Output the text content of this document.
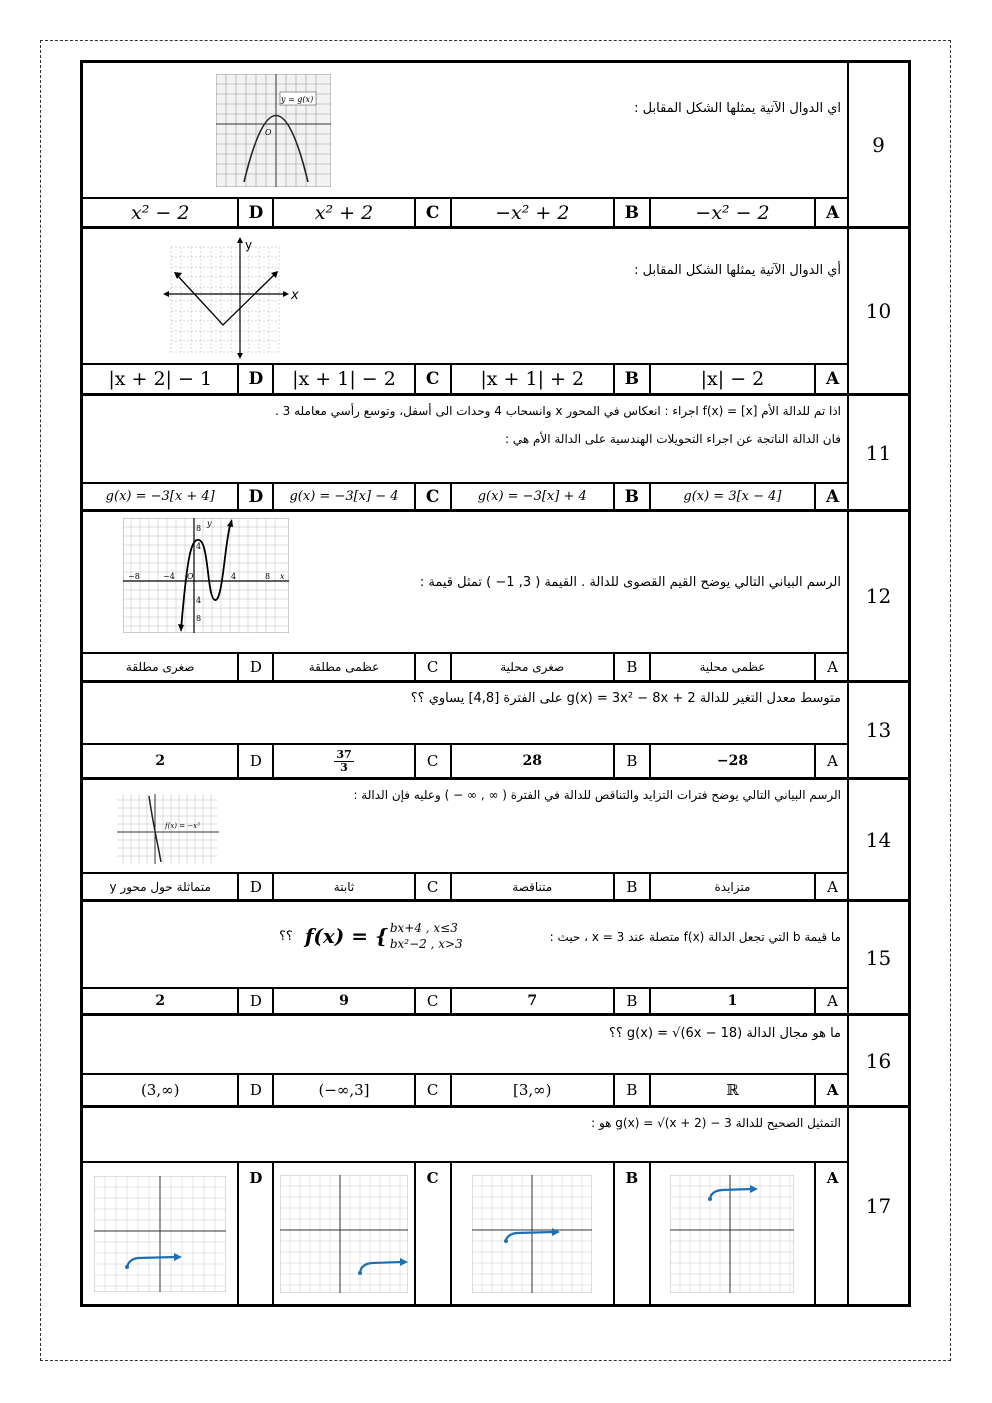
9
اي الدوال الآتية يمثلها الشكل المقابل :
y = g(x)
O
x² − 2	D	x² + 2	C	−x² + 2	B	−x² − 2	A
10
أي الدوال الآتية يمثلها الشكل المقابل :
x
y
|x + 2| − 1	D	|x + 1| − 2	C	|x + 1| + 2	B	|x| − 2	A
11
اذا تم للدالة الأم f(x) = [x] اجراء : انعكاس في المحور x وانسحاب 4 وحدات الى أسفل، وتوسع رأسي معامله 3 .
فان الدالة الناتجة عن اجراء التحويلات الهندسية على الدالة الأم هي :
g(x) = −3[x + 4]	D	g(x) = −3[x] − 4	C	g(x) = −3[x] + 4	B	g(x) = 3[x − 4]	A
12
الرسم البياني التالي يوضح القيم القصوى للدالة . القيمة ( 3, 1− ) تمثل قيمة :
−8	−4	4	8
8
4
4
8
O	x
y
صغرى مطلقة	D	عظمى مطلقة	C	صغرى محلية	B	عظمى محلية	A
13
متوسط معدل التغير للدالة g(x) = 3x² − 8x + 2 على الفترة [4,8] يساوي ؟؟
2	D $\frac{37}{3}$ C	28	B	−28	A
14
الرسم البياني التالي يوضح فترات التزايد والتناقص للدالة في الفترة ( ∞ , ∞ − ) وعليه فإن الدالة :
f(x) = −x³
متماثلة حول محور y	D	ثابتة	C	متناقصة	B	متزايدة	A
15
ما قيمة b التي تجعل الدالة f(x) متصلة عند x = 3 ، حيث :
؟؟ f(x) = { bx+4 , x≤3
bx²−2 , x>3
2	D	9	C	7	B	1	A
16
ما هو مجال الدالة g(x) = √(6x − 18) ؟؟
(3,∞)	D	(−∞,3]	C	[3,∞)	B	ℝ	A
17
التمثيل الصحيح للدالة g(x) = √(x + 2) − 3 هو :
D	C	B	A
